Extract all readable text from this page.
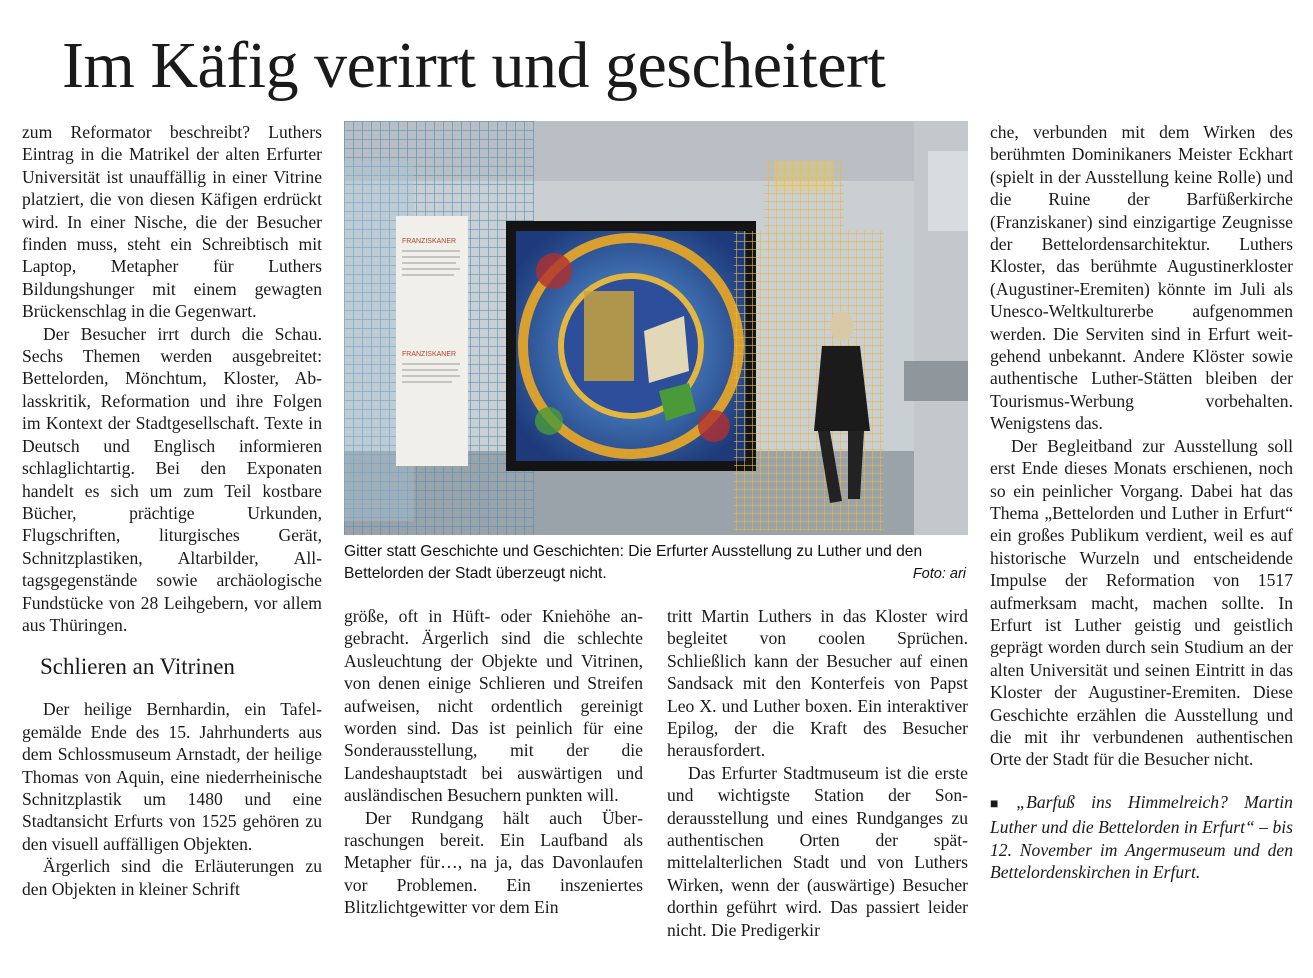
Im Käfig verirrt und gescheitert

zum Reformator beschreibt? Luthers Eintrag in die Matrikel der alten Erfurter Universität ist unauffällig in einer Vitrine platziert, die von diesen Käfigen erdrückt wird. In einer Nische, die der Besucher finden muss, steht ein Schreibtisch mit Laptop, Metapher für Luthers Bildungshunger mit einem gewagten Brückenschlag in die Gegenwart.

Der Besucher irrt durch die Schau. Sechs Themen werden ausgebreitet: Bettelorden, Mönchtum, Kloster, Ablasskritik, Reformation und ihre Folgen im Kontext der Stadtgesellschaft. Texte in Deutsch und Englisch informieren schlaglichtartig. Bei den Exponaten handelt es sich um zum Teil kostbare Bücher, prächtige Urkunden, Flugschriften, liturgisches Gerät, Schnitzplastiken, Altarbilder, Alltagsgegenstände sowie archäologische Fundstücke von 28 Leihgebern, vor allem aus Thüringen.

Schlieren an Vitrinen

Der heilige Bernhardin, ein Tafelgemälde Ende des 15. Jahrhunderts aus dem Schlossmuseum Arnstadt, der heilige Thomas von Aquin, eine niederrheinische Schnitzplastik um 1480 und eine Stadtansicht Erfurts von 1525 gehören zu den visuell auffälligen Objekten.

Ärgerlich sind die Erläuterungen zu den Objekten in kleiner Schrift

FRANZISKANER
FRANZISKANER
Gitter statt Geschichte und Geschichten: Die Erfurter Ausstellung zu Luther und den Bettelorden der Stadt überzeugt nicht.	Foto: ari

größe, oft in Hüft- oder Kniehöhe angebracht. Ärgerlich sind die schlechte Ausleuchtung der Objekte und Vitrinen, von denen einige Schlieren und Streifen aufweisen, nicht ordentlich gereinigt worden sind. Das ist peinlich für eine Sonderausstellung, mit der die Landeshauptstadt bei auswärtigen und ausländischen Besuchern punkten will.

Der Rundgang hält auch Überraschungen bereit. Ein Laufband als Metapher für…, na ja, das Davonlaufen vor Problemen. Ein inszeniertes Blitzlichtgewitter vor dem Ein

tritt Martin Luthers in das Kloster wird begleitet von coolen Sprüchen. Schließlich kann der Besucher auf einen Sandsack mit den Konterfeis von Papst Leo X. und Luther boxen. Ein interaktiver Epilog, der die Kraft des Besucher herausfordert.

Das Erfurter Stadtmuseum ist die erste und wichtigste Station der Sonderausstellung und eines Rundganges zu authentischen Orten der spätmittelalterlichen Stadt und von Luthers Wirken, wenn der (auswärtige) Besucher dorthin geführt wird. Das passiert leider nicht. Die Predigerkir

che, verbunden mit dem Wirken des berühmten Dominikaners Meister Eckhart (spielt in der Ausstellung keine Rolle) und die Ruine der Barfüßerkirche (Franziskaner) sind einzigartige Zeugnisse der Bettelordensarchitektur. Luthers Kloster, das berühmte Augustinerkloster (Augustiner-Eremiten) könnte im Juli als Unesco-Weltkulturerbe aufgenommen werden. Die Serviten sind in Erfurt weitgehend unbekannt. Andere Klöster sowie authentische Luther-Stätten bleiben der Tourismus-Werbung vorbehalten. Wenigstens das.

Der Begleitband zur Ausstellung soll erst Ende dieses Monats erschienen, noch so ein peinlicher Vorgang. Dabei hat das Thema „Bettelorden und Luther in Erfurt“ ein großes Publikum verdient, weil es auf historische Wurzeln und entscheidende Impulse der Reformation von 1517 aufmerksam macht, machen sollte. In Erfurt ist Luther geistig und geistlich geprägt worden durch sein Studium an der alten Universität und seinen Eintritt in das Kloster der Augustiner-Eremiten. Diese Geschichte erzählen die Ausstellung und die mit ihr verbundenen authentischen Orte der Stadt für die Besucher nicht.

■ „Barfuß ins Himmelreich? Martin Luther und die Bettelorden in Erfurt“ – bis 12. November im Angermuseum und den Bettelordenskirchen in Erfurt.
